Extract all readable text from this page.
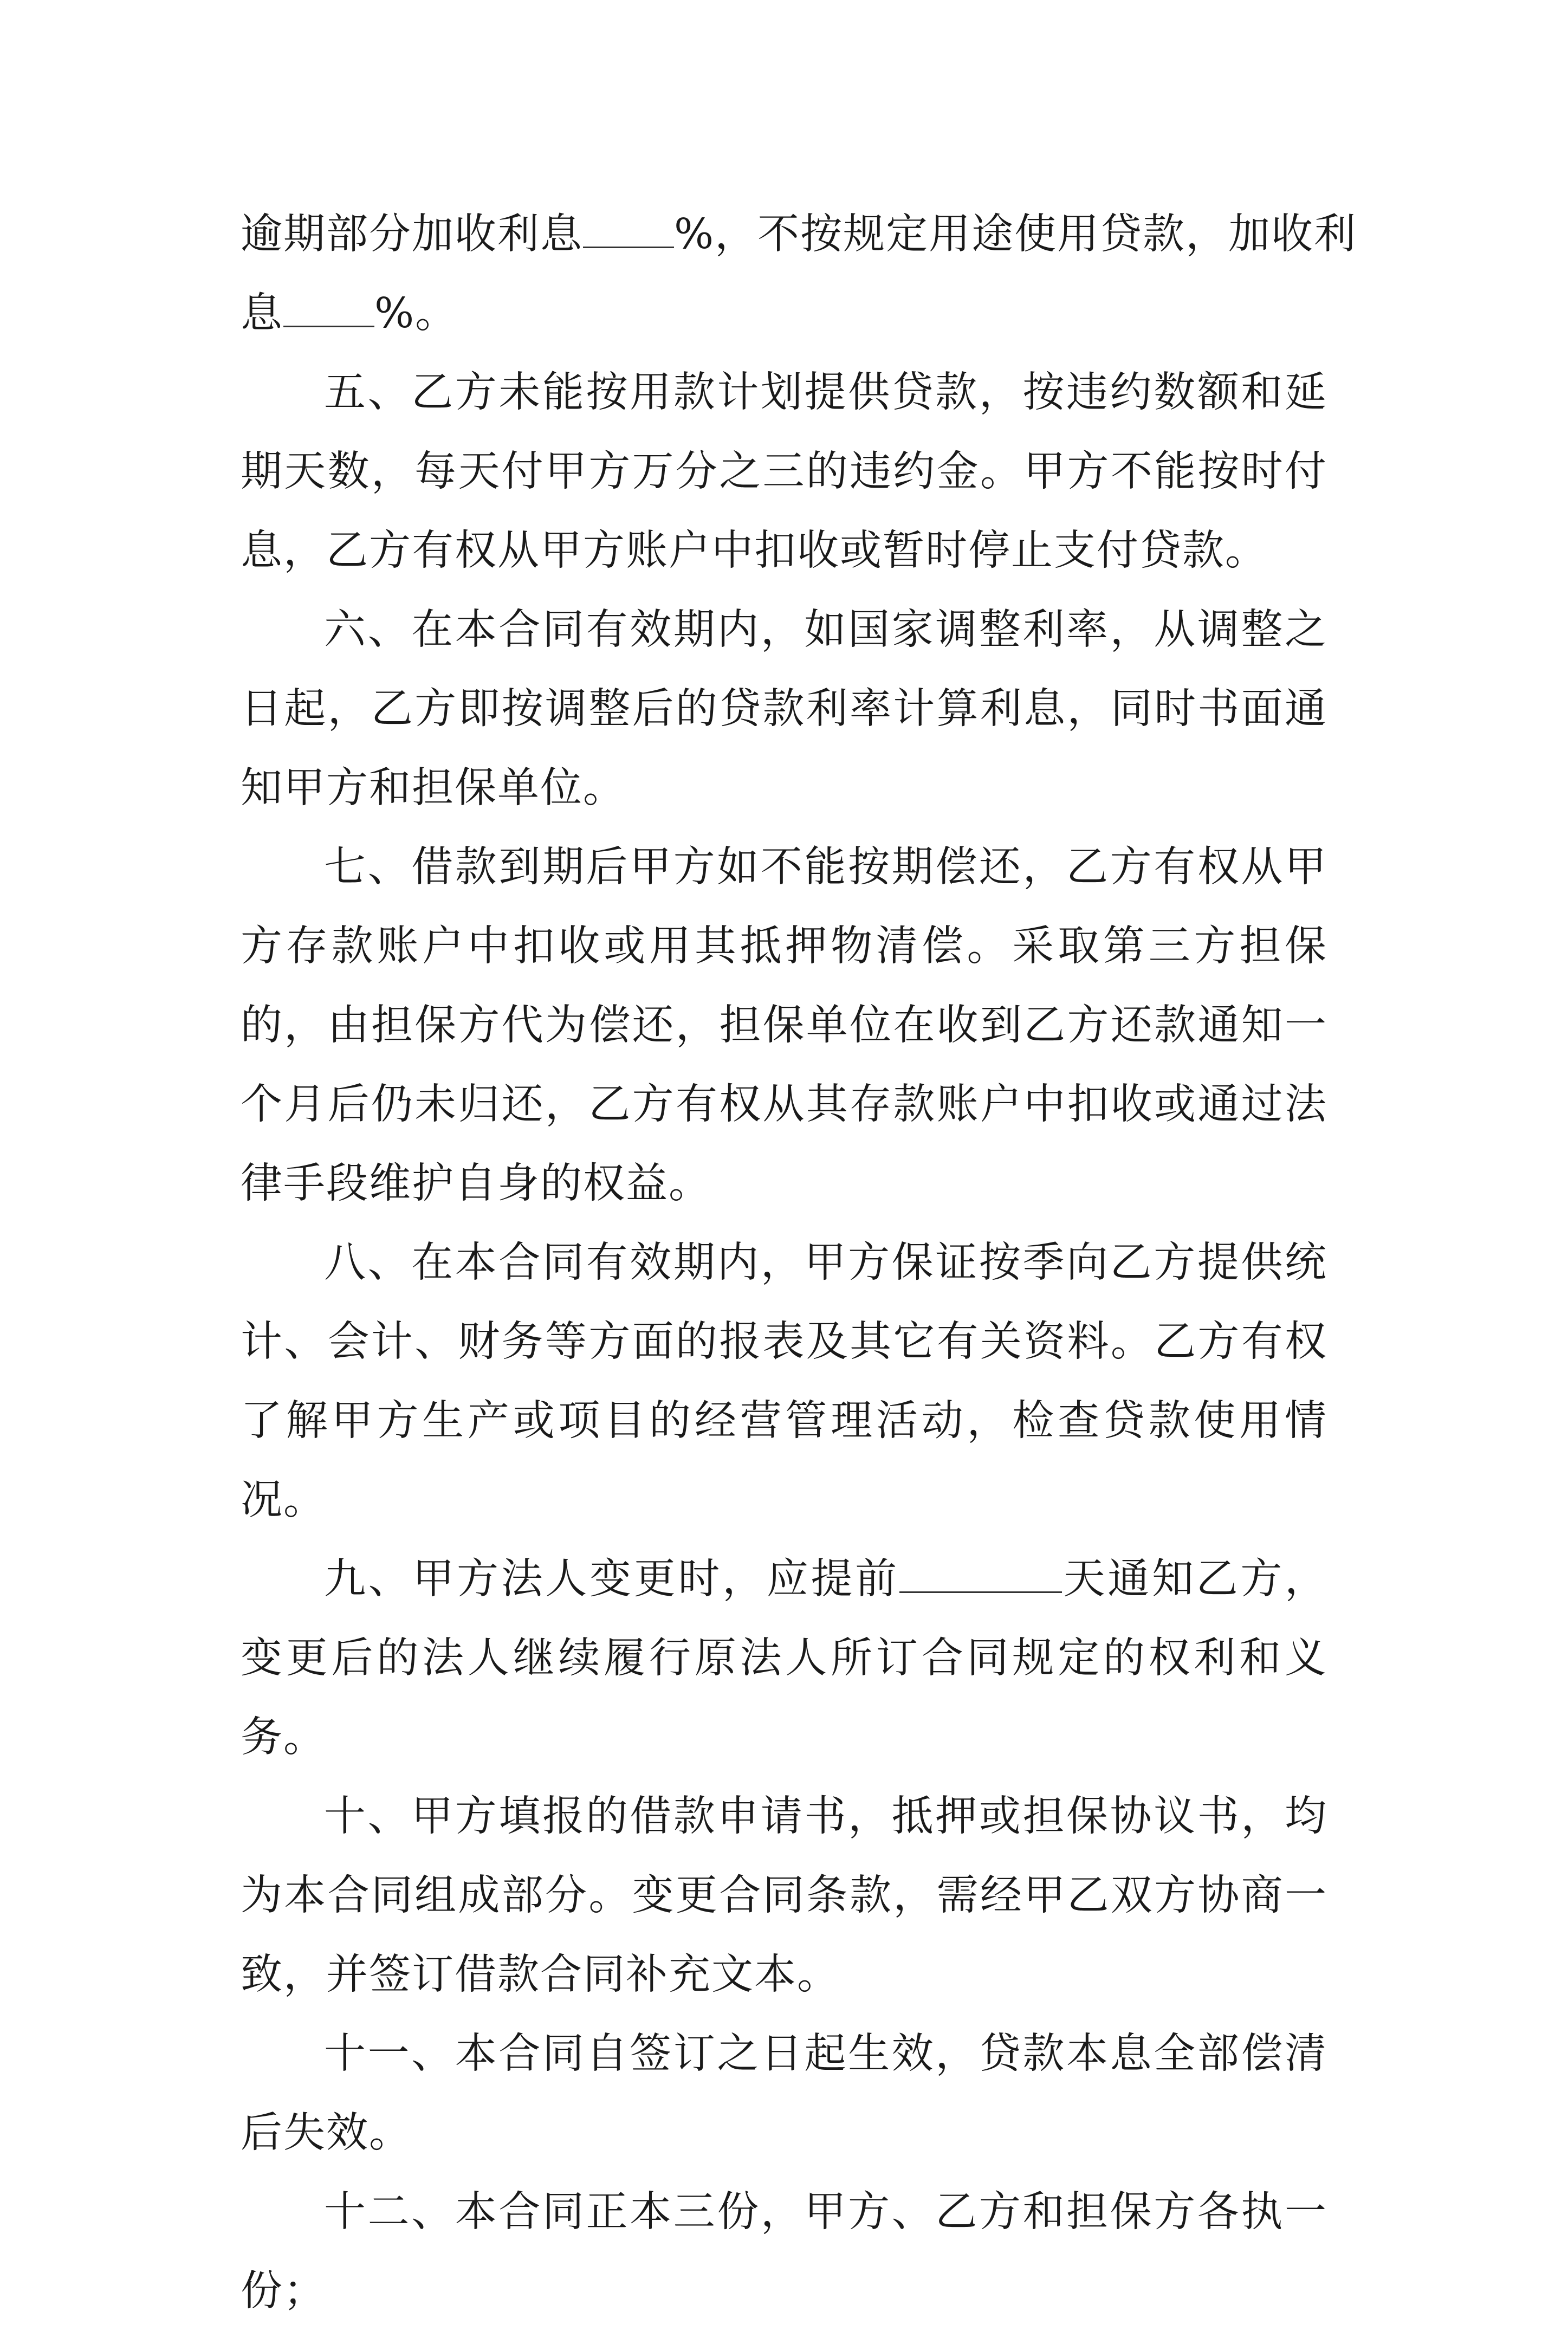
逾期部分加收利息	%，不按规定用途使用贷款，加收利
息 %。

五、乙方未能按用款计划提供贷款，按违约数额和延期天数，每天付甲方万分之三的违约金。甲方不能按时付息，乙方有权从甲方账户中扣收或暂时停止支付贷款。

六、在本合同有效期内，如国家调整利率，从调整之日起，乙方即按调整后的贷款利率计算利息，同时书面通知甲方和担保单位。

七、借款到期后甲方如不能按期偿还，乙方有权从甲方存款账户中扣收或用其抵押物清偿。采取第三方担保的，由担保方代为偿还，担保单位在收到乙方还款通知一个月后仍未归还，乙方有权从其存款账户中扣收或通过法律手段维护自身的权益。

八、在本合同有效期内，甲方保证按季向乙方提供统计、会计、财务等方面的报表及其它有关资料。乙方有权了解甲方生产或项目的经营管理活动，检查贷款使用情况。

九、甲方法人变更时，应提前	天通知乙方，变更后的法人继续履行原法人所订合同规定的权利和义务。

十、甲方填报的借款申请书，抵押或担保协议书，均为本合同组成部分。变更合同条款，需经甲乙双方协商一致，并签订借款合同补充文本。

十一、本合同自签订之日起生效，贷款本息全部偿清后失效。

十二、本合同正本三份，甲方、乙方和担保方各执一份；
